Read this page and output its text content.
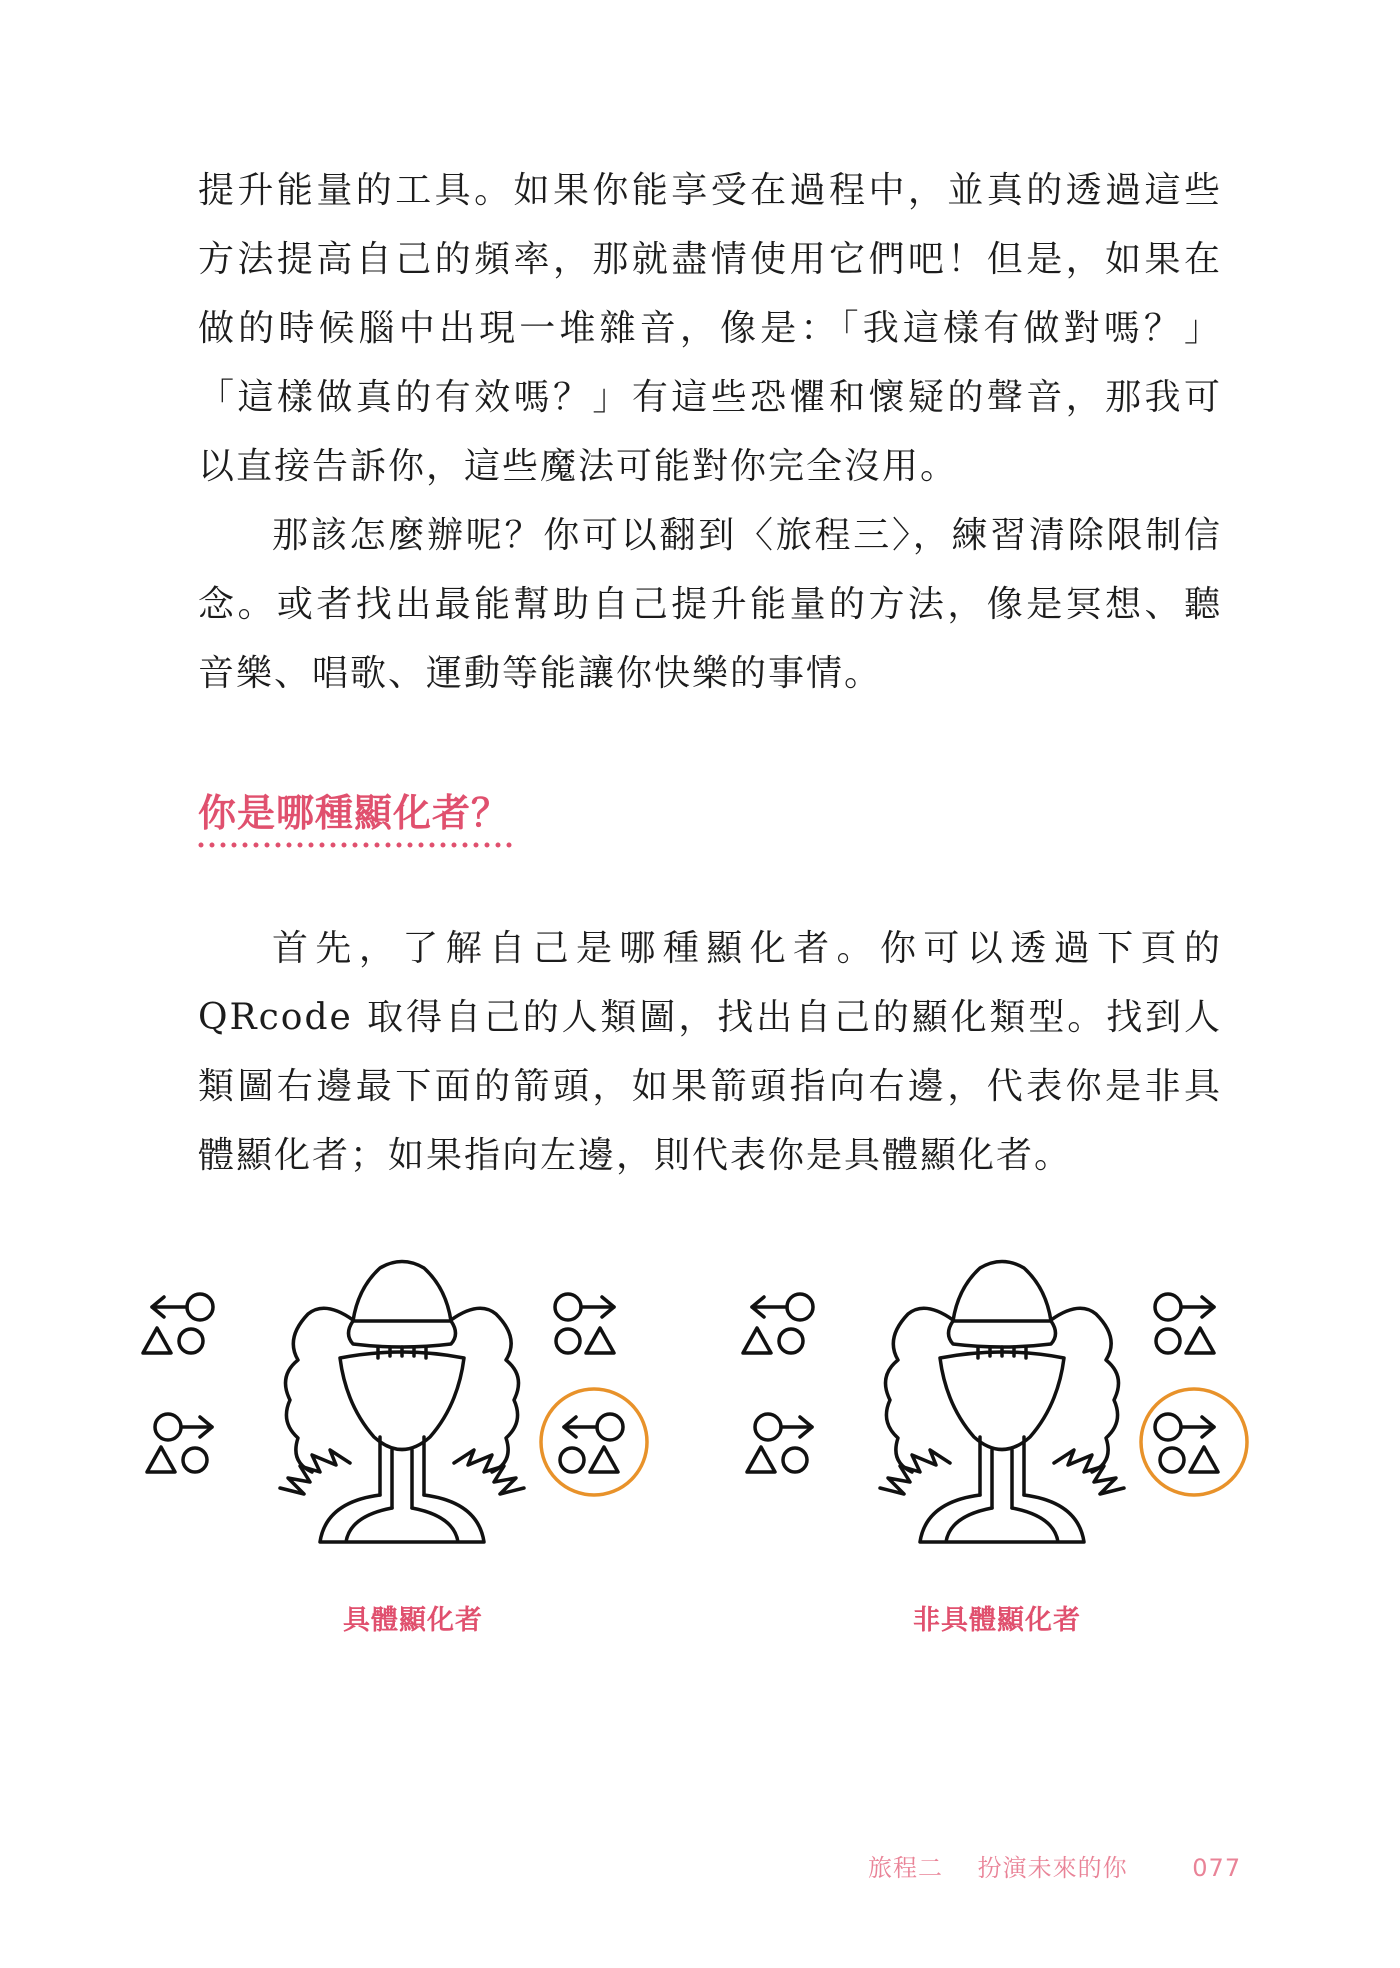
提升能量的工具。如果你能享受在過程中，並真的透過這些方法提高自己的頻率，那就盡情使用它們吧！但是，如果在做的時候腦中出現一堆雜音，像是：「我這樣有做對嗎？」「這樣做真的有效嗎？」有這些恐懼和懷疑的聲音，那我可以直接告訴你，這些魔法可能對你完全沒用。

那該怎麼辦呢？你可以翻到〈旅程三〉，練習清除限制信念。或者找出最能幫助自己提升能量的方法，像是冥想、聽音樂、唱歌、運動等能讓你快樂的事情。

你是哪種顯化者？

首先，了解自己是哪種顯化者。你可以透過下頁的 QRcode 取得自己的人類圖，找出自己的顯化類型。找到人類圖右邊最下面的箭頭，如果箭頭指向右邊，代表你是非具體顯化者；如果指向左邊，則代表你是具體顯化者。

具體顯化者	非具體顯化者
旅程二 扮演未來的你	077
